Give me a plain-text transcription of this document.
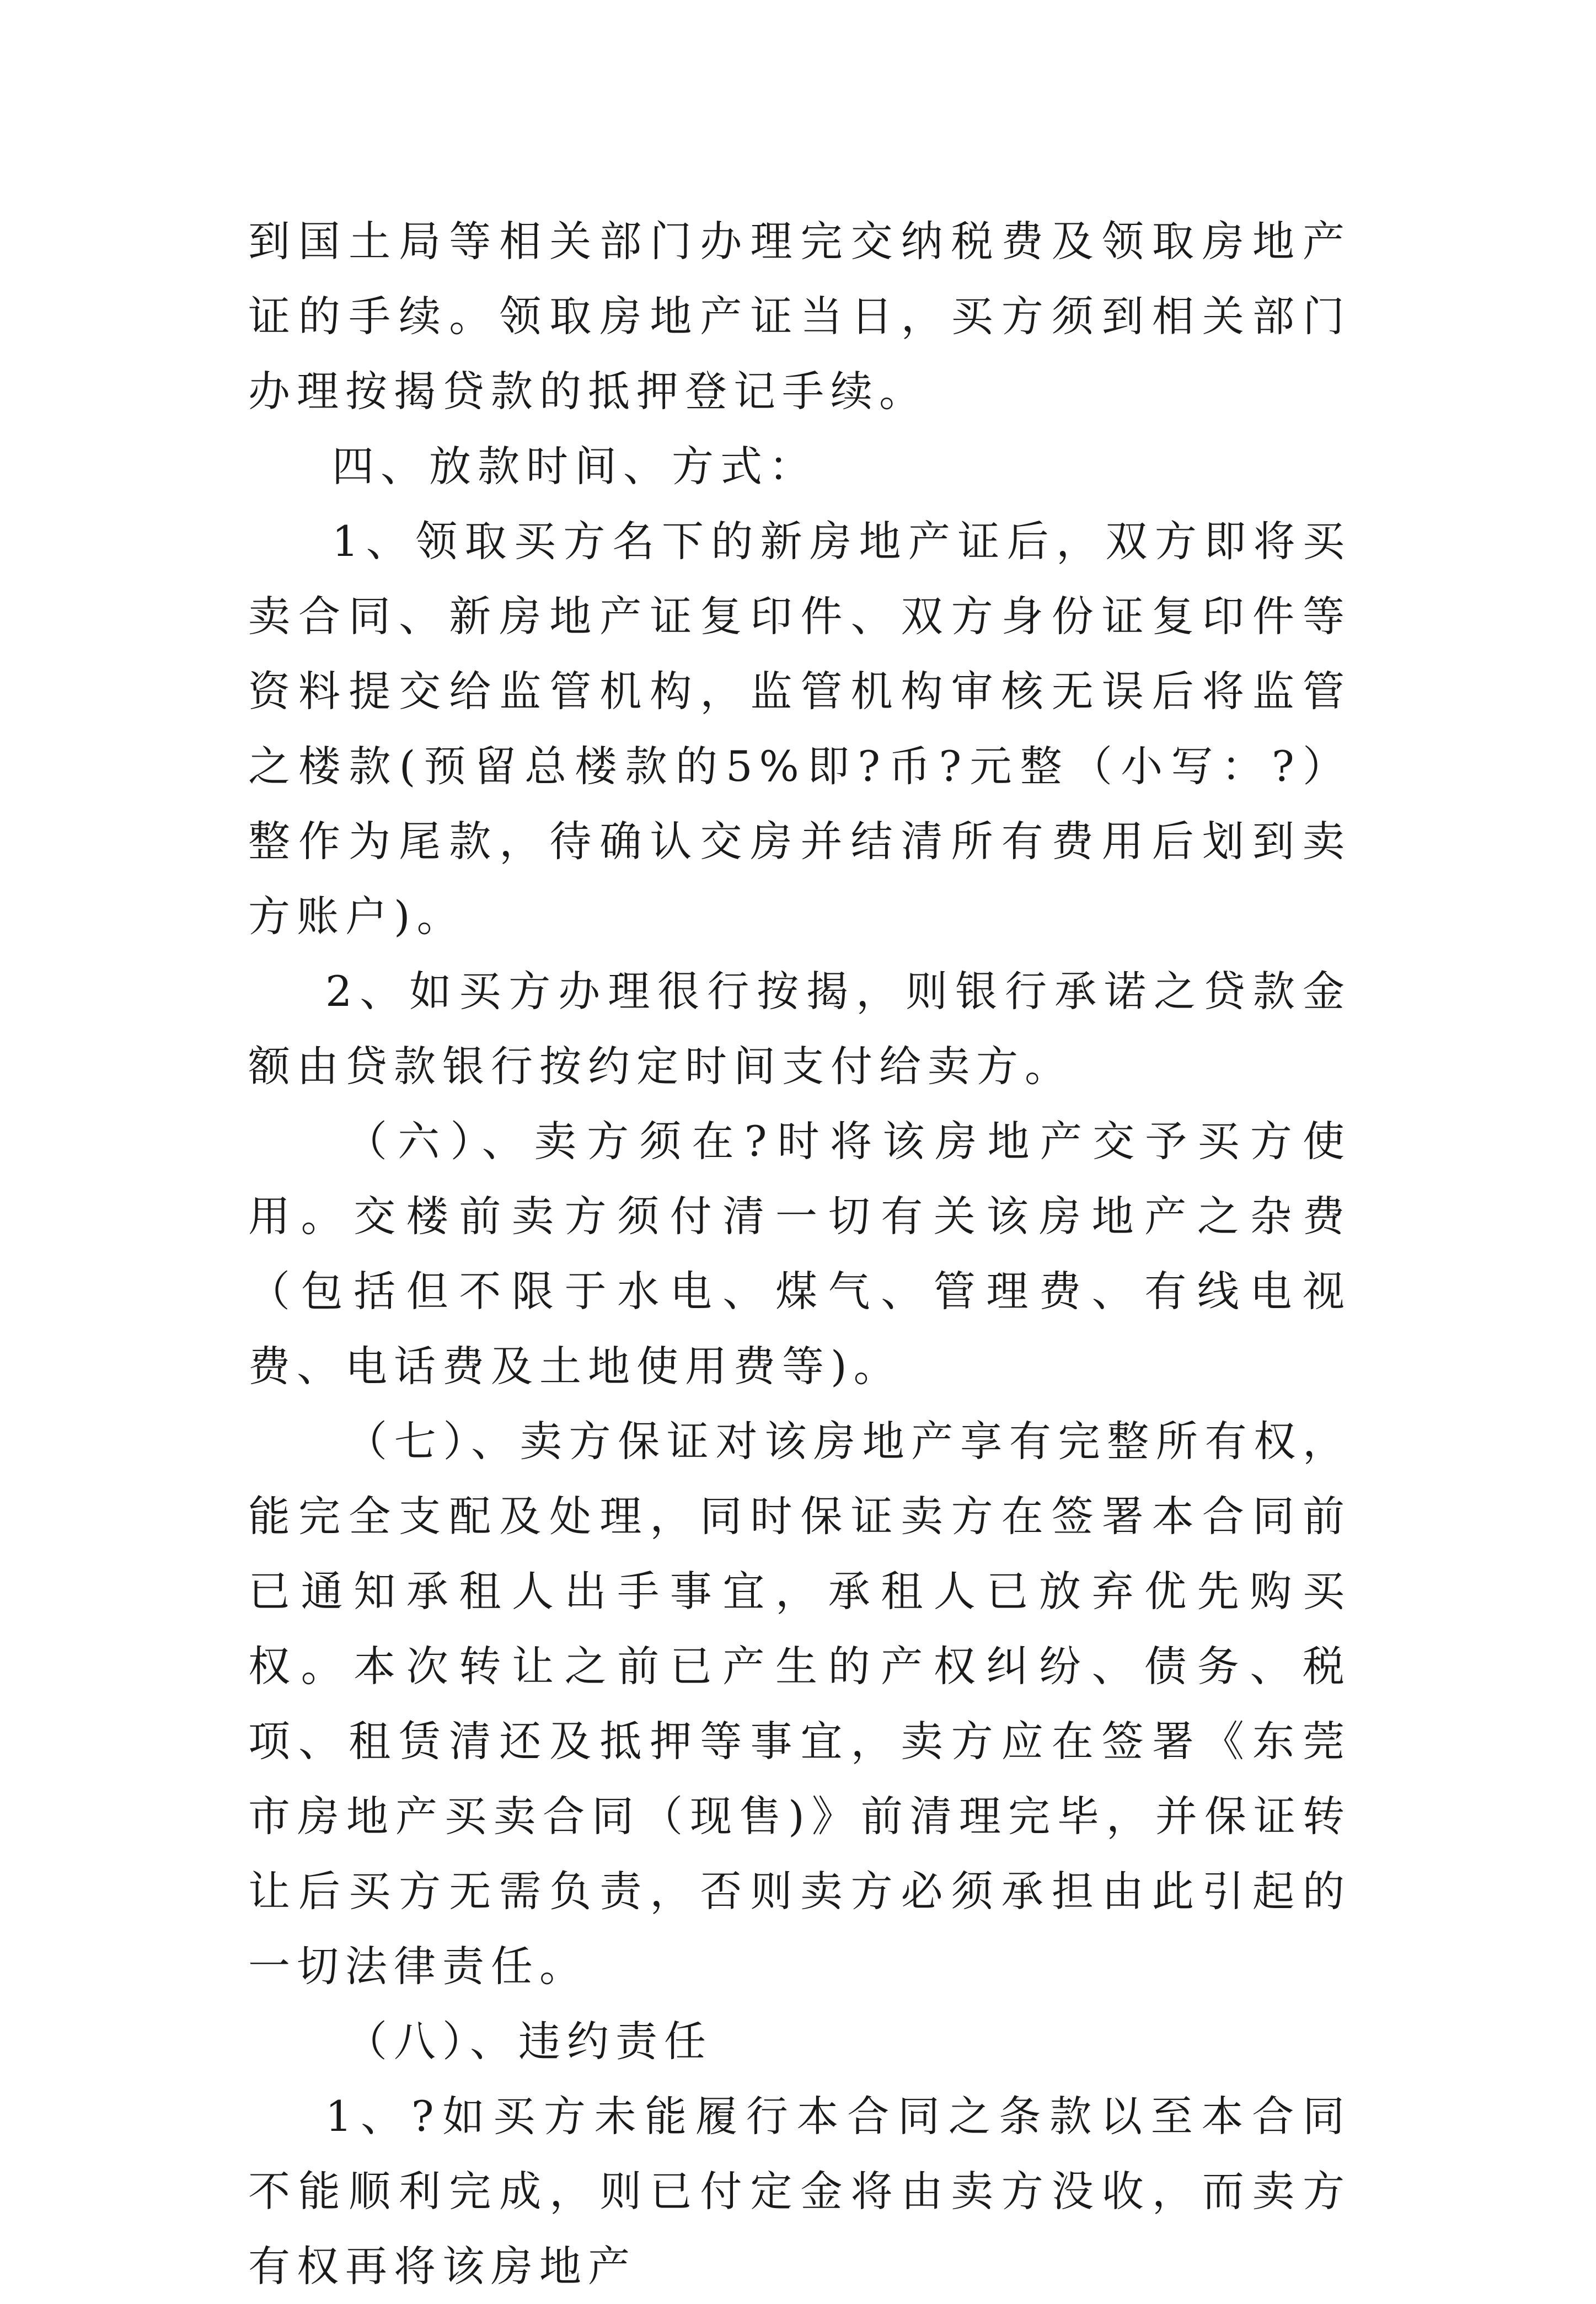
到国土局等相关部门办理完交纳税费及领取房地产证的手续。领取房地产证当日，买方须到相关部门办理按揭贷款的抵押登记手续。

四、放款时间、方式：

1、领取买方名下的新房地产证后，双方即将买卖合同、新房地产证复印件、双方身份证复印件等资料提交给监管机构，监管机构审核无误后将监管之楼款(预留总楼款的5%即?币?元整（小写：?）整作为尾款，待确认交房并结清所有费用后划到卖方账户)。

2、如买方办理很行按揭，则银行承诺之贷款金额由贷款银行按约定时间支付给卖方。

（六）、卖方须在?时将该房地产交予买方使用。交楼前卖方须付清一切有关该房地产之杂费（包括但不限于水电、煤气、管理费、有线电视费、电话费及土地使用费等)。

（七）、卖方保证对该房地产享有完整所有权，能完全支配及处理，同时保证卖方在签署本合同前已通知承租人出手事宜，承租人已放弃优先购买权。本次转让之前已产生的产权纠纷、债务、税项、租赁清还及抵押等事宜，卖方应在签署《东莞市房地产买卖合同（现售)》前清理完毕，并保证转让后买方无需负责，否则卖方必须承担由此引起的一切法律责任。

（八）、违约责任

1、?如买方未能履行本合同之条款以至本合同不能顺利完成，则已付定金将由卖方没收，而卖方有权再将该房地产
